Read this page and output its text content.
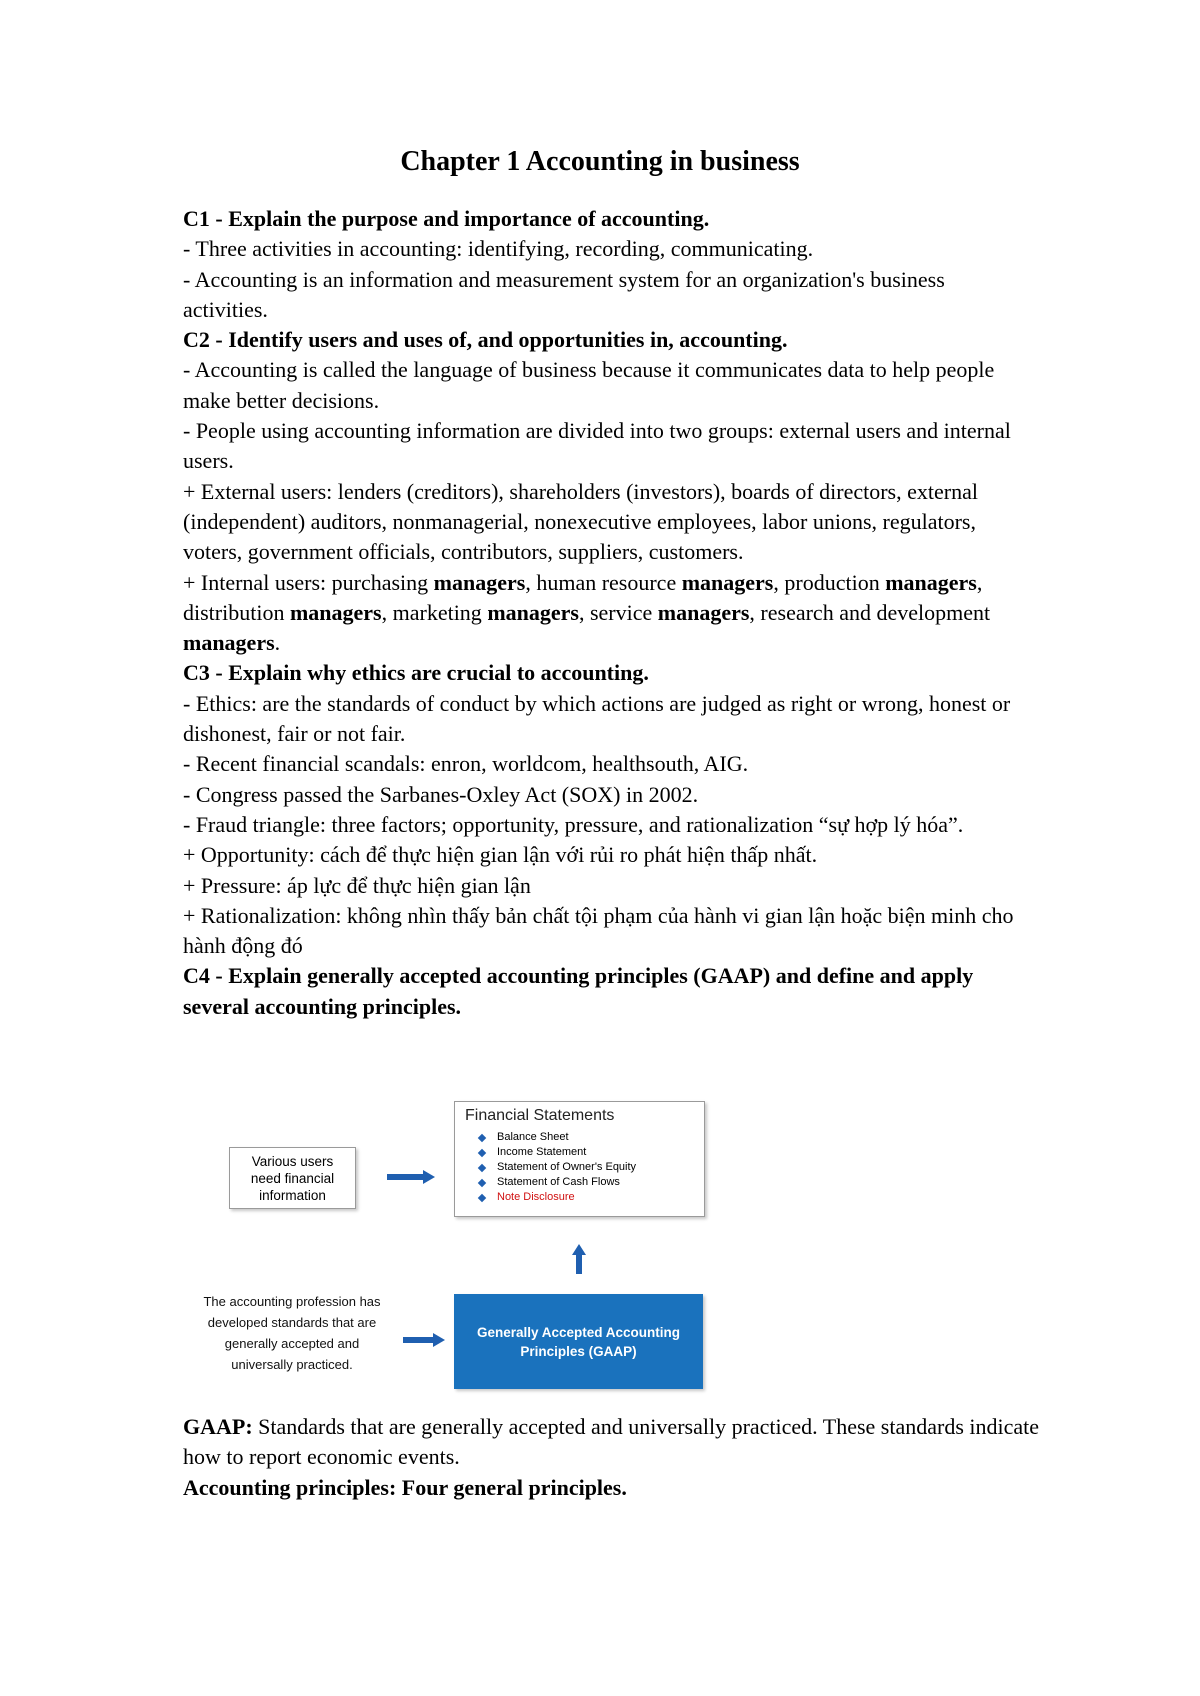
Chapter 1 Accounting in business

C1 - Explain the purpose and importance of accounting.

- Three activities in accounting: identifying, recording, communicating.

- Accounting is an information and measurement system for an organization's business activities.

C2 - Identify users and uses of, and opportunities in, accounting.

- Accounting is called the language of business because it communicates data to help people make better decisions.

- People using accounting information are divided into two groups: external users and internal users.

+ External users: lenders (creditors), shareholders (investors), boards of directors, external (independent) auditors, nonmanagerial, nonexecutive employees, labor unions, regulators, voters, government officials, contributors, suppliers, customers.

+ Internal users: purchasing managers, human resource managers, production managers, distribution managers, marketing managers, service managers, research and development managers.

C3 - Explain why ethics are crucial to accounting.

- Ethics: are the standards of conduct by which actions are judged as right or wrong, honest or dishonest, fair or not fair.

- Recent financial scandals: enron, worldcom, healthsouth, AIG.

- Congress passed the Sarbanes-Oxley Act (SOX) in 2002.

- Fraud triangle: three factors; opportunity, pressure, and rationalization “sự hợp lý hóa”.

+ Opportunity: cách để thực hiện gian lận với rủi ro phát hiện thấp nhất.

+ Pressure: áp lực để thực hiện gian lận

+ Rationalization: không nhìn thấy bản chất tội phạm của hành vi gian lận hoặc biện minh cho hành động đó

C4 - Explain generally accepted accounting principles (GAAP) and define and apply several accounting principles.

Various users need financial information
Financial Statements
Balance Sheet
Income Statement
Statement of Owner's Equity
Statement of Cash Flows
Note Disclosure
The accounting profession has developed standards that are generally accepted and universally practiced.
Generally Accepted Accounting Principles (GAAP)

GAAP: Standards that are generally accepted and universally practiced. These standards indicate how to report economic events.

Accounting principles: Four general principles.
